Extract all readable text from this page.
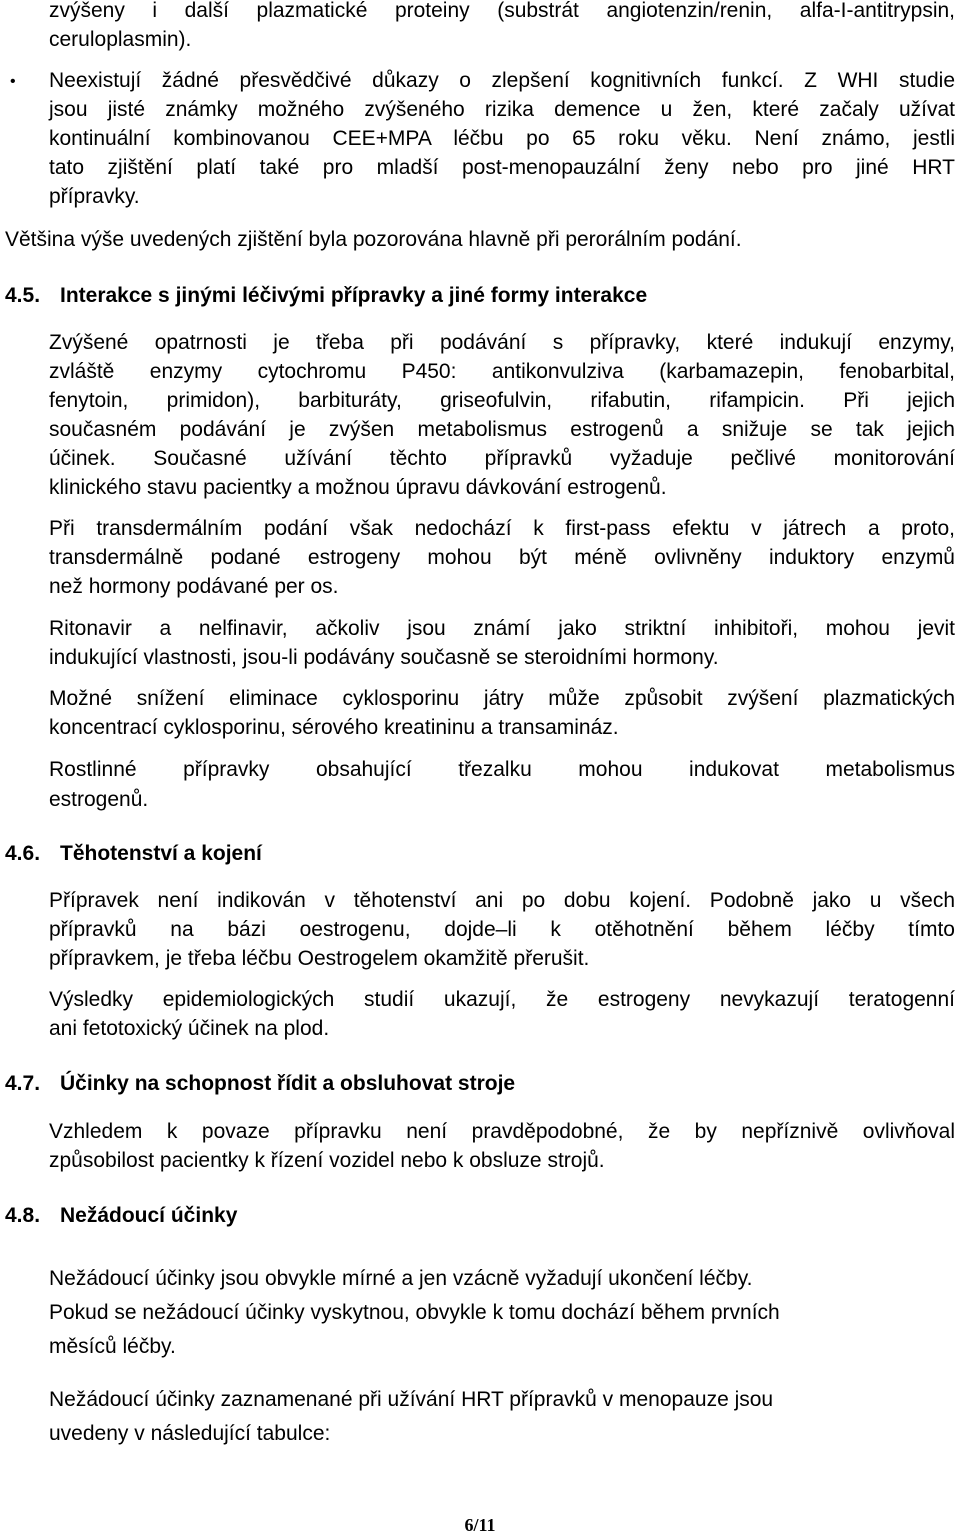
zvýšeny i další plazmatické proteiny (substrát angiotenzin/renin, alfa-I-antitrypsin,
ceruloplasmin).
• Neexistují žádné přesvědčivé důkazy o zlepšení kognitivních funkcí. Z WHI studie
jsou jisté známky možného zvýšeného rizika demence u žen, které začaly užívat
kontinuální kombinovanou CEE+MPA léčbu po 65 roku věku. Není známo, jestli
tato zjištění platí také pro mladší post-menopauzální ženy nebo pro jiné HRT
přípravky.
Většina výše uvedených zjištění byla pozorována hlavně při perorálním podání.
4.5. Interakce s jinými léčivými přípravky a jiné formy interakce
Zvýšené opatrnosti je třeba při podávání s přípravky, které indukují enzymy,
zvláště enzymy cytochromu P450: antikonvulziva (karbamazepin, fenobarbital,
fenytoin, primidon), barbituráty, griseofulvin, rifabutin, rifampicin. Při jejich
současném podávání je zvýšen metabolismus estrogenů a snižuje se tak jejich
účinek. Současné užívání těchto přípravků vyžaduje pečlivé monitorování
klinického stavu pacientky a možnou úpravu dávkování estrogenů.
Při transdermálním podání však nedochází k first-pass efektu v játrech a proto,
transdermálně podané estrogeny mohou být méně ovlivněny induktory enzymů
než hormony podávané per os.
Ritonavir a nelfinavir, ačkoliv jsou známí jako striktní inhibitoři, mohou jevit
indukující vlastnosti, jsou-li podávány současně se steroidními hormony.
Možné snížení eliminace cyklosporinu játry může způsobit zvýšení plazmatických
koncentrací cyklosporinu, sérového kreatininu a transamináz.
Rostlinné přípravky obsahující třezalku mohou indukovat metabolismus
estrogenů.
4.6. Těhotenství a kojení
Přípravek není indikován v těhotenství ani po dobu kojení. Podobně jako u všech
přípravků na bázi oestrogenu, dojde–li k otěhotnění během léčby tímto
přípravkem, je třeba léčbu Oestrogelem okamžitě přerušit.
Výsledky epidemiologických studií ukazují, že estrogeny nevykazují teratogenní
ani fetotoxický účinek na plod.
4.7. Účinky na schopnost řídit a obsluhovat stroje
Vzhledem k povaze přípravku není pravděpodobné, že by nepříznivě ovlivňoval
způsobilost pacientky k řízení vozidel nebo k obsluze strojů.
4.8. Nežádoucí účinky
Nežádoucí účinky jsou obvykle mírné a jen vzácně vyžadují ukončení léčby.
Pokud se nežádoucí účinky vyskytnou, obvykle k tomu dochází během prvních
měsíců léčby.
Nežádoucí účinky zaznamenané při užívání HRT přípravků v menopauze jsou
uvedeny v následující tabulce:
6/11
